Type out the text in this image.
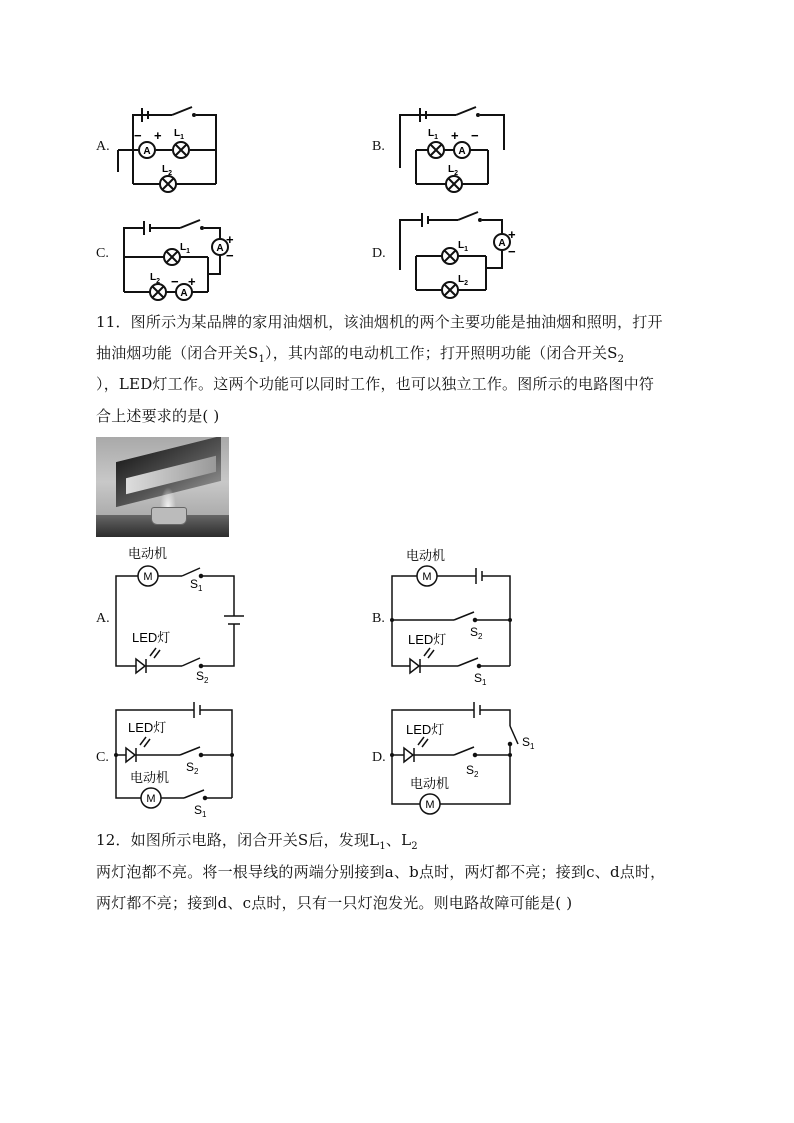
A.	A
− + $L_1$
$L_2$
B.	A
+ −
$L_1$
$L_2$
C.	A
A
+
−
− +
$L_1$
$L_2$
D.
A
+
−
$L_1$
$L_2$
11．图所示为某品牌的家用油烟机，该油烟机的两个主要功能是抽油烟和照明，打开
抽油烟功能（闭合开关$S_1$），其内部的电动机工作；打开照明功能（闭合开关$S_2$
），LED灯工作。这两个功能可以同时工作，也可以独立工作。图所示的电路图中符
合上述要求的是( )
A.
M
电动机
LED灯
$S_1$
$S_2$
B.
M
电动机
LED灯 $S_2$
$S_1$
C.
M
LED灯
电动机
$S_2$
$S_1$
D.
M
LED灯
电动机
$S_2$
$S_1$
12．如图所示电路，闭合开关S后，发现$L_1$、$L_2$
两灯泡都不亮。将一根导线的两端分别接到a、b点时，两灯都不亮；接到c、d点时，
两灯都不亮；接到d、c点时，只有一只灯泡发光。则电路故障可能是( )
